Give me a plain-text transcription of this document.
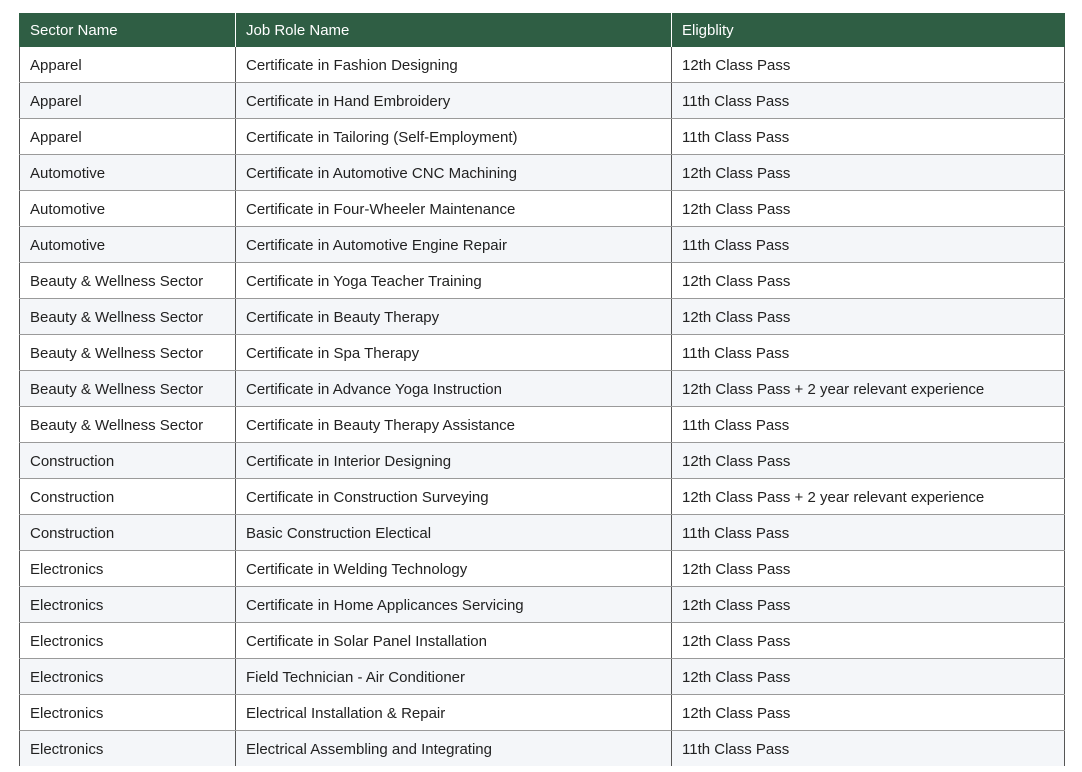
Sector Name	Job Role Name	Eligblity
Apparel	Certificate in Fashion Designing	12th Class Pass
Apparel	Certificate in Hand Embroidery	11th Class Pass
Apparel	Certificate in Tailoring (Self-Employment)	11th Class Pass
Automotive	Certificate in Automotive CNC Machining	12th Class Pass
Automotive	Certificate in Four-Wheeler Maintenance	12th Class Pass
Automotive	Certificate in Automotive Engine Repair	11th Class Pass
Beauty & Wellness Sector	Certificate in Yoga Teacher Training	12th Class Pass
Beauty & Wellness Sector	Certificate in Beauty Therapy	12th Class Pass
Beauty & Wellness Sector	Certificate in Spa Therapy	11th Class Pass
Beauty & Wellness Sector	Certificate in Advance Yoga Instruction	12th Class Pass + 2 year relevant experience
Beauty & Wellness Sector	Certificate in Beauty Therapy Assistance	11th Class Pass
Construction	Certificate in Interior Designing	12th Class Pass
Construction	Certificate in Construction Surveying	12th Class Pass + 2 year relevant experience
Construction	Basic Construction Electical	11th Class Pass
Electronics	Certificate in Welding Technology	12th Class Pass
Electronics	Certificate in Home Applicances Servicing	12th Class Pass
Electronics	Certificate in Solar Panel Installation	12th Class Pass
Electronics	Field Technician - Air Conditioner	12th Class Pass
Electronics	Electrical Installation & Repair	12th Class Pass
Electronics	Electrical Assembling and Integrating	11th Class Pass
